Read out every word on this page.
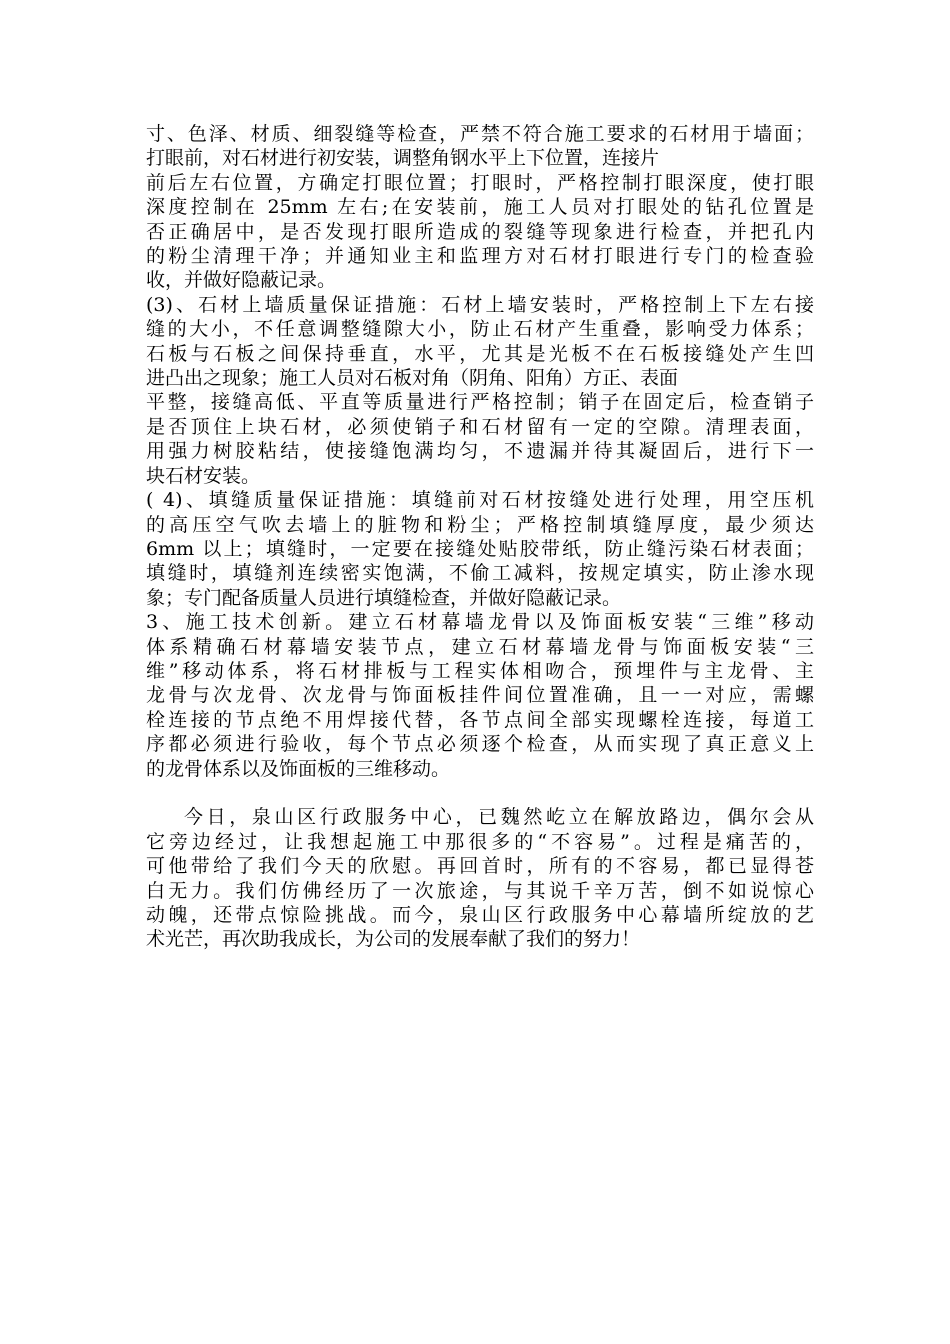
寸、色泽、材质、细裂缝等检查，严禁不符合施工要求的石材用于墙面；
打眼前，对石材进行初安装，调整角钢水平上下位置，连接片
前后左右位置，方确定打眼位置；打眼时，严格控制打眼深度，使打眼
深度控制在 25mm 左右;在安装前，施工人员对打眼处的钻孔位置是
否正确居中，是否发现打眼所造成的裂缝等现象进行检查，并把孔内
的粉尘清理干净；并通知业主和监理方对石材打眼进行专门的检查验
收，并做好隐蔽记录。
(3)、石材上墙质量保证措施：石材上墙安装时，严格控制上下左右接
缝的大小，不任意调整缝隙大小，防止石材产生重叠，影响受力体系；
石板与石板之间保持垂直，水平，尤其是光板不在石板接缝处产生凹
进凸出之现象；施工人员对石板对角（阴角、阳角）方正、表面
平整，接缝高低、平直等质量进行严格控制；销子在固定后，检查销子
是否顶住上块石材，必须使销子和石材留有一定的空隙。清理表面，
用强力树胶粘结，使接缝饱满均匀，不遗漏并待其凝固后，进行下一
块石材安装。
( 4)、填缝质量保证措施：填缝前对石材按缝处进行处理，用空压机
的高压空气吹去墙上的脏物和粉尘；严格控制填缝厚度，最少须达
6mm 以上；填缝时，一定要在接缝处贴胶带纸，防止缝污染石材表面；
填缝时，填缝剂连续密实饱满，不偷工减料，按规定填实，防止渗水现
象；专门配备质量人员进行填缝检查，并做好隐蔽记录。
3、施工技术创新。建立石材幕墙龙骨以及饰面板安装“三维”移动
体系精确石材幕墙安装节点，建立石材幕墙龙骨与饰面板安装“三
维”移动体系，将石材排板与工程实体相吻合，预埋件与主龙骨、主
龙骨与次龙骨、次龙骨与饰面板挂件间位置准确，且一一对应，需螺
栓连接的节点绝不用焊接代替，各节点间全部实现螺栓连接，每道工
序都必须进行验收，每个节点必须逐个检查，从而实现了真正意义上
的龙骨体系以及饰面板的三维移动。
今日，泉山区行政服务中心，已魏然屹立在解放路边，偶尔会从
它旁边经过，让我想起施工中那很多的“不容易”。过程是痛苦的，
可他带给了我们今天的欣慰。再回首时，所有的不容易，都已显得苍
白无力。我们仿佛经历了一次旅途，与其说千辛万苦，倒不如说惊心
动魄，还带点惊险挑战。而今，泉山区行政服务中心幕墙所绽放的艺
术光芒，再次助我成长，为公司的发展奉献了我们的努力！
